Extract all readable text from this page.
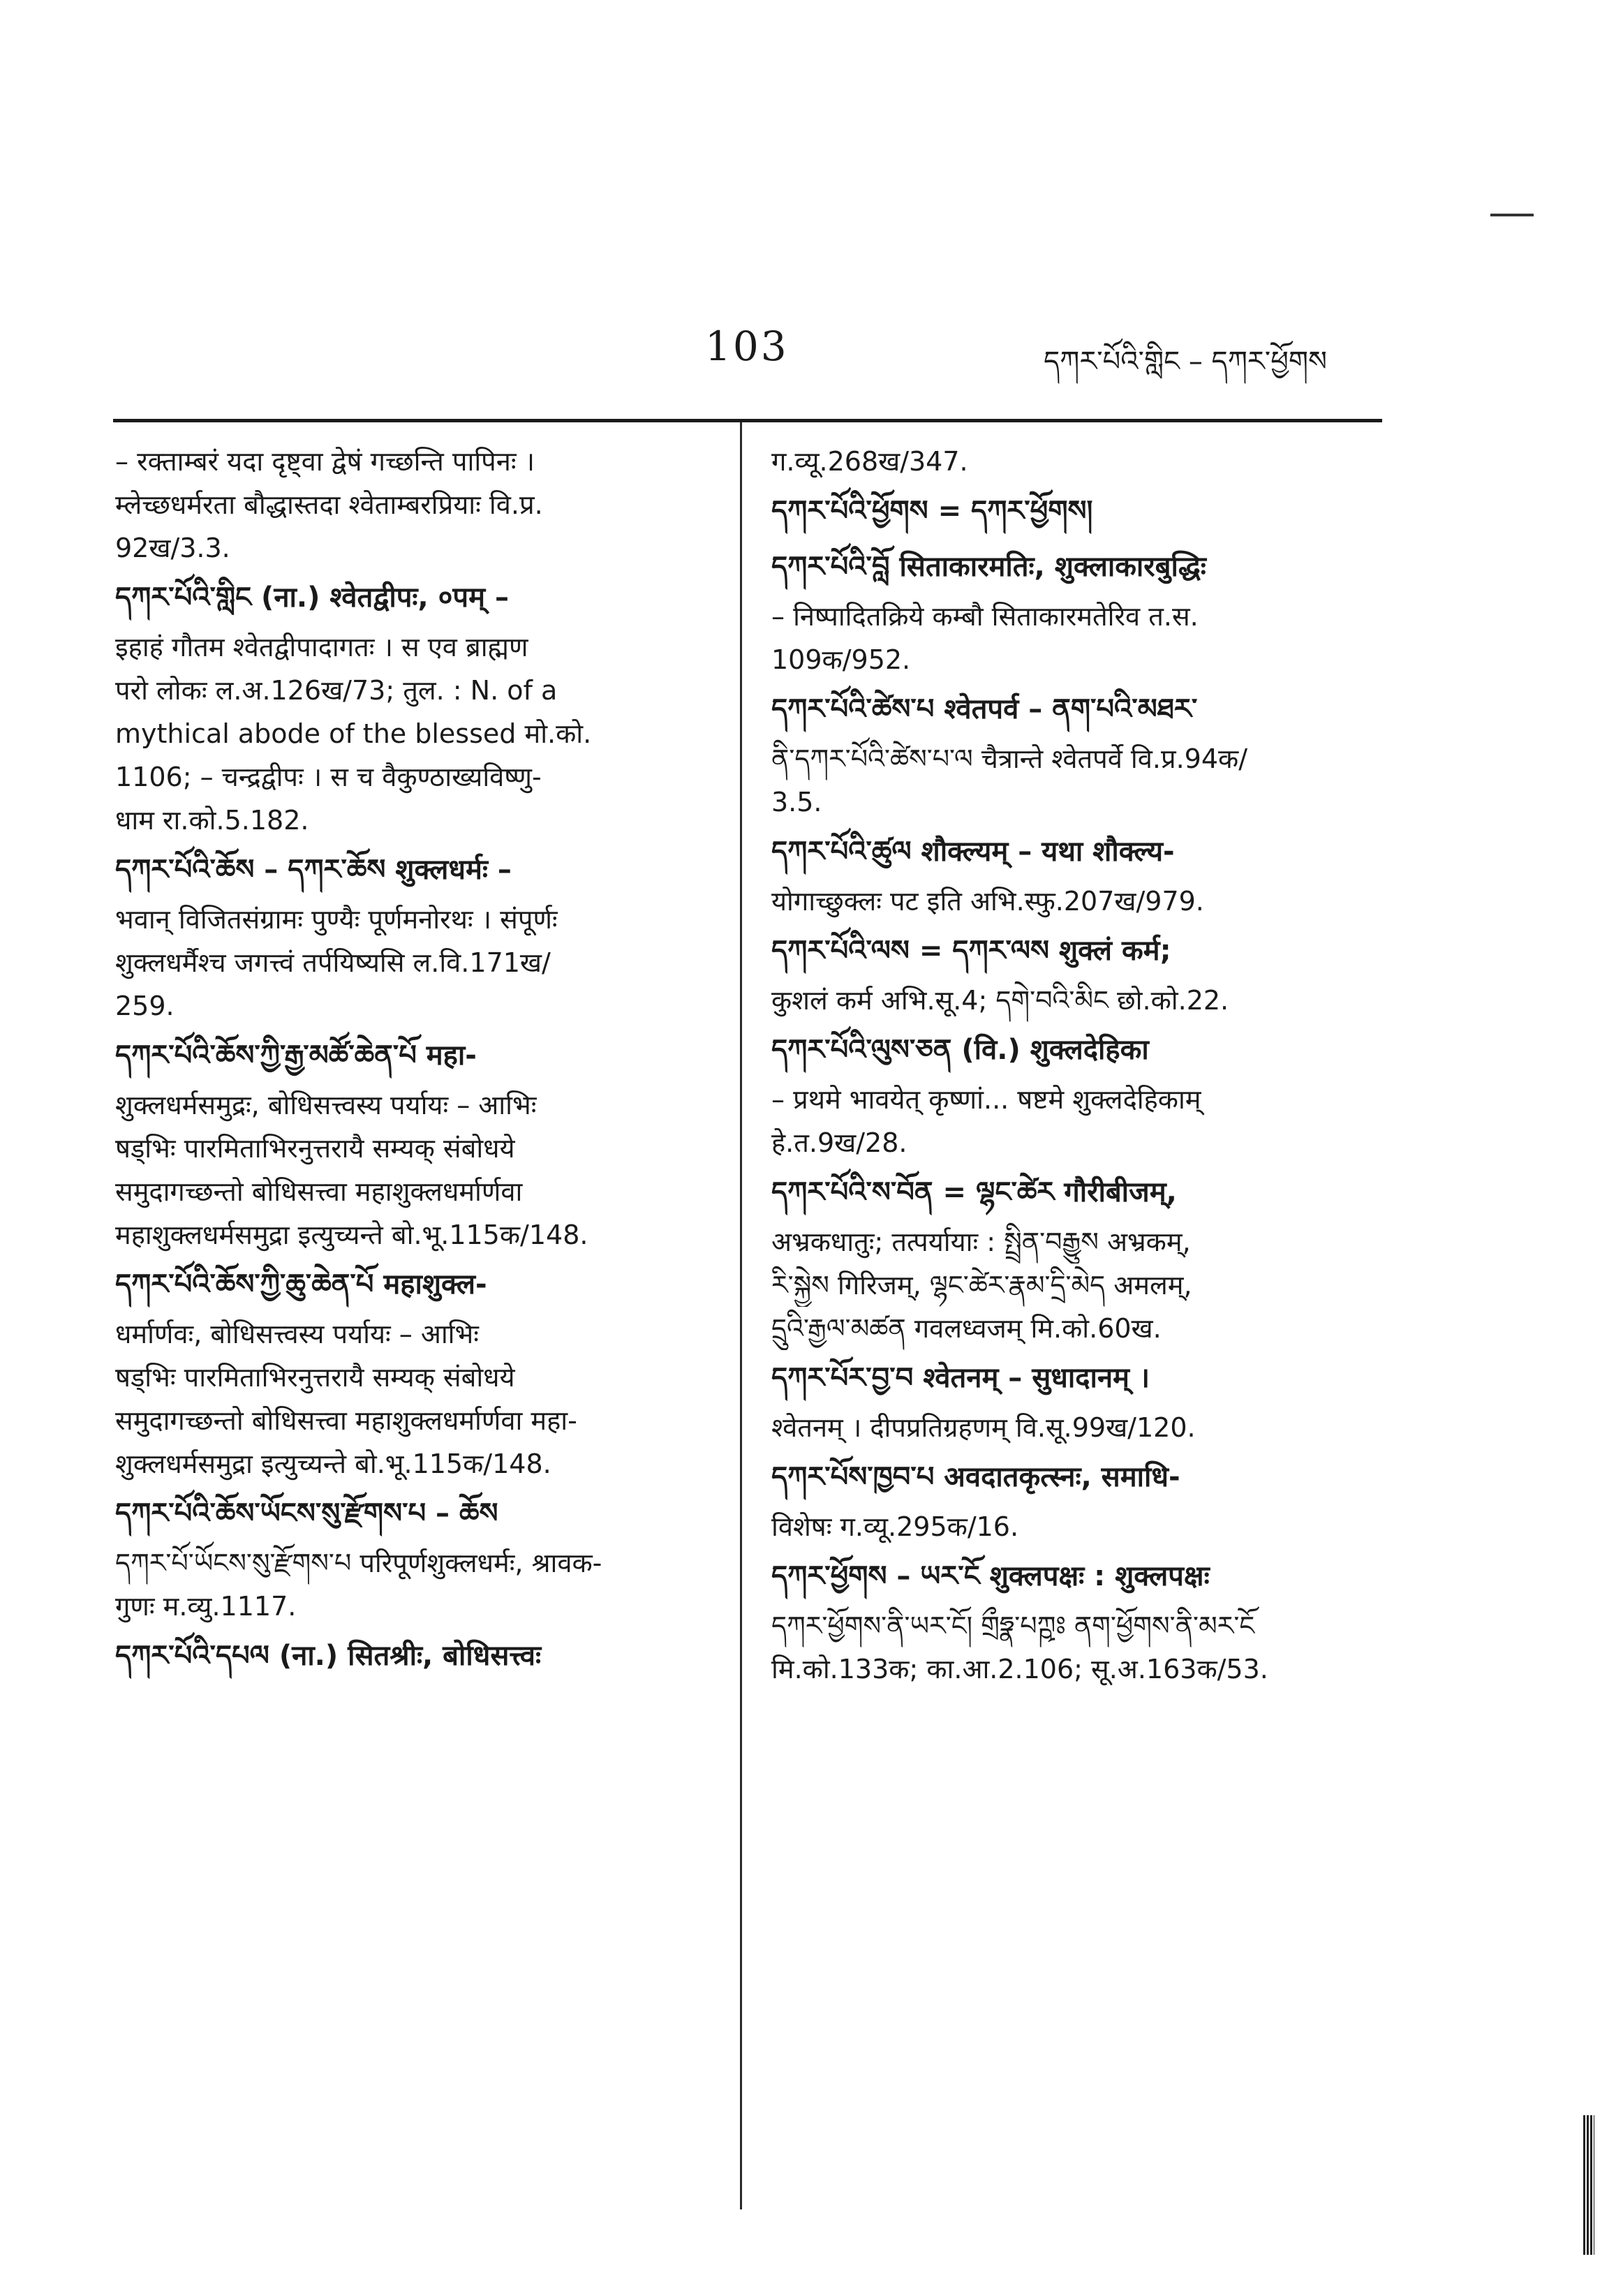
103	དཀར་པོའི་གླིང – དཀར་ཕྱོགས
– रक्ताम्बरं यदा दृष्ट्वा द्वेषं गच्छन्ति पापिनः ।
म्लेच्छधर्मरता बौद्धास्तदा श्वेताम्बरप्रियाः वि.प्र.
92ख/3.3.
དཀར་པོའི་གླིང (ना.) श्वेतद्वीपः, ०पम् –
इहाहं गौतम श्वेतद्वीपादागतः । स एव ब्राह्मण
परो लोकः ल.अ.126ख/73; तुल. : N. of a
mythical abode of the blessed मो.को.
1106; – चन्द्रद्वीपः । स च वैकुण्ठाख्यविष्णु-
धाम रा.को.5.182.
དཀར་པོའི་ཆོས – དཀར་ཆོས शुक्लधर्मः –
भवान् विजितसंग्रामः पुण्यैः पूर्णमनोरथः । संपूर्णः
शुक्लधर्मैश्च जगत्त्वं तर्पयिष्यसि ल.वि.171ख/
259.
དཀར་པོའི་ཆོས་ཀྱི་རྒྱ་མཚོ་ཆེན་པོ महा-
शुक्लधर्मसमुद्रः, बोधिसत्त्वस्य पर्यायः – आभिः
षड्भिः पारमिताभिरनुत्तरायै सम्यक् संबोधये
समुदागच्छन्तो बोधिसत्त्वा महाशुक्लधर्मार्णवा
महाशुक्लधर्मसमुद्रा इत्युच्यन्ते बो.भू.115क/148.
དཀར་པོའི་ཆོས་ཀྱི་ཆུ་ཆེན་པོ महाशुक्ल-
धर्मार्णवः, बोधिसत्त्वस्य पर्यायः – आभिः
षड्भिः पारमिताभिरनुत्तरायै सम्यक् संबोधये
समुदागच्छन्तो बोधिसत्त्वा महाशुक्लधर्मार्णवा महा-
शुक्लधर्मसमुद्रा इत्युच्यन्ते बो.भू.115क/148.
དཀར་པོའི་ཆོས་ཡོངས་སུ་རྫོགས་པ – ཆོས
དཀར་པོ་ཡོངས་སུ་རྫོགས་པ परिपूर्णशुक्लधर्मः, श्रावक-
गुणः म.व्यु.1117.
དཀར་པོའི་དཔལ (ना.) सितश्रीः, बोधिसत्त्वः
ग.व्यू.268ख/347.
དཀར་པོའི་ཕྱོགས = དཀར་ཕྱོགས།
དཀར་པོའི་བློ सिताकारमतिः, शुक्लाकारबुद्धिः
– निष्पादितक्रिये कम्बौ सिताकारमतेरिव त.स.
109क/952.
དཀར་པོའི་ཚེས་པ श्वेतपर्व – ནག་པའི་མཐར་
ནི་དཀར་པོའི་ཚེས་པ་ལ चैत्रान्ते श्वेतपर्वे वि.प्र.94क/
3.5.
དཀར་པོའི་ཚུལ शौक्ल्यम् – यथा शौक्ल्य-
योगाच्छुक्लः पट इति अभि.स्फु.207ख/979.
དཀར་པོའི་ལས = དཀར་ལས शुक्लं कर्म;
कुशलं कर्म अभि.सू.4; དགེ་བའི་མིང छो.को.22.
དཀར་པོའི་ལུས་ཅན (वि.) शुक्लदेहिका
– प्रथमे भावयेत् कृष्णां... षष्टमे शुक्लदेहिकाम्
हे.त.9ख/28.
དཀར་པོའི་ས་བོན = ལྷང་ཚེར गौरीबीजम्,
अभ्रकधातुः; तत्पर्यायाः : སྤྲིན་བརྒྱུས अभ्रकम्,
རི་སྐྱེས गिरिजम्, ལྷང་ཚེར་རྣམ་དྲི་མེད अमलम्,
དྲུའི་རྒྱལ་མཚན गवलध्वजम् मि.को.60ख.
དཀར་པོར་བྱ་བ श्वेतनम् – सुधादानम् ।
श्वेतनम् । दीपप्रतिग्रहणम् वि.सू.99ख/120.
དཀར་པོས་ཁྱབ་པ अवदातकृत्स्नः, समाधि-
विशेषः ग.व्यू.295क/16.
དཀར་ཕྱོགས – ཡར་ངོ शुक्लपक्षः : शुक्लपक्षः
དཀར་ཕྱོགས་ནི་ཡར་ངོ། གྲྀཧྣ་པཀྵཿ ནག་ཕྱོགས་ནི་མར་ངོ
मि.को.133क; का.आ.2.106; सू.अ.163क/53.
